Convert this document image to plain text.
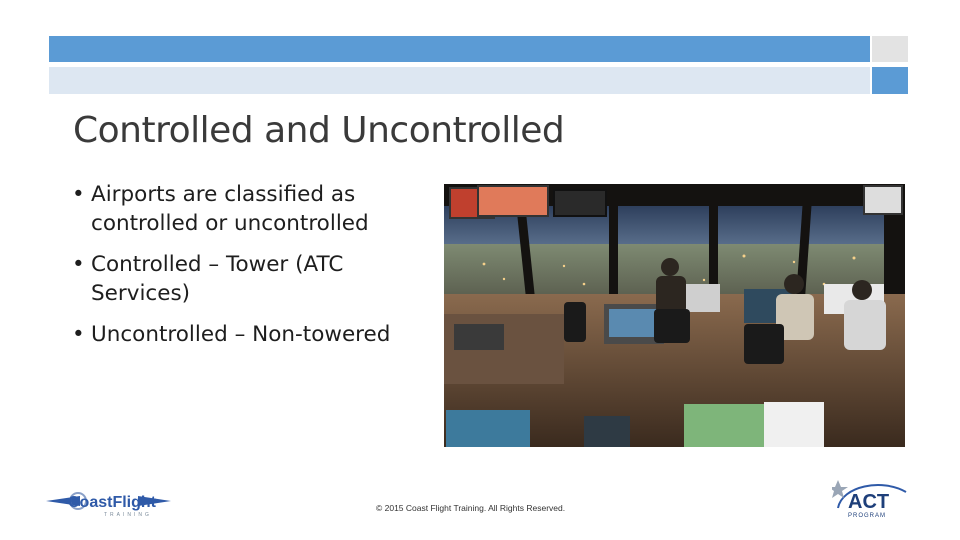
Controlled and Uncontrolled
• Airports are classified as controlled or uncontrolled
• Controlled – Tower (ATC Services)
• Uncontrolled – Non-towered
CoastFlight
TRAINING
© 2015 Coast Flight Training. All Rights Reserved.	ACT
PROGRAM
